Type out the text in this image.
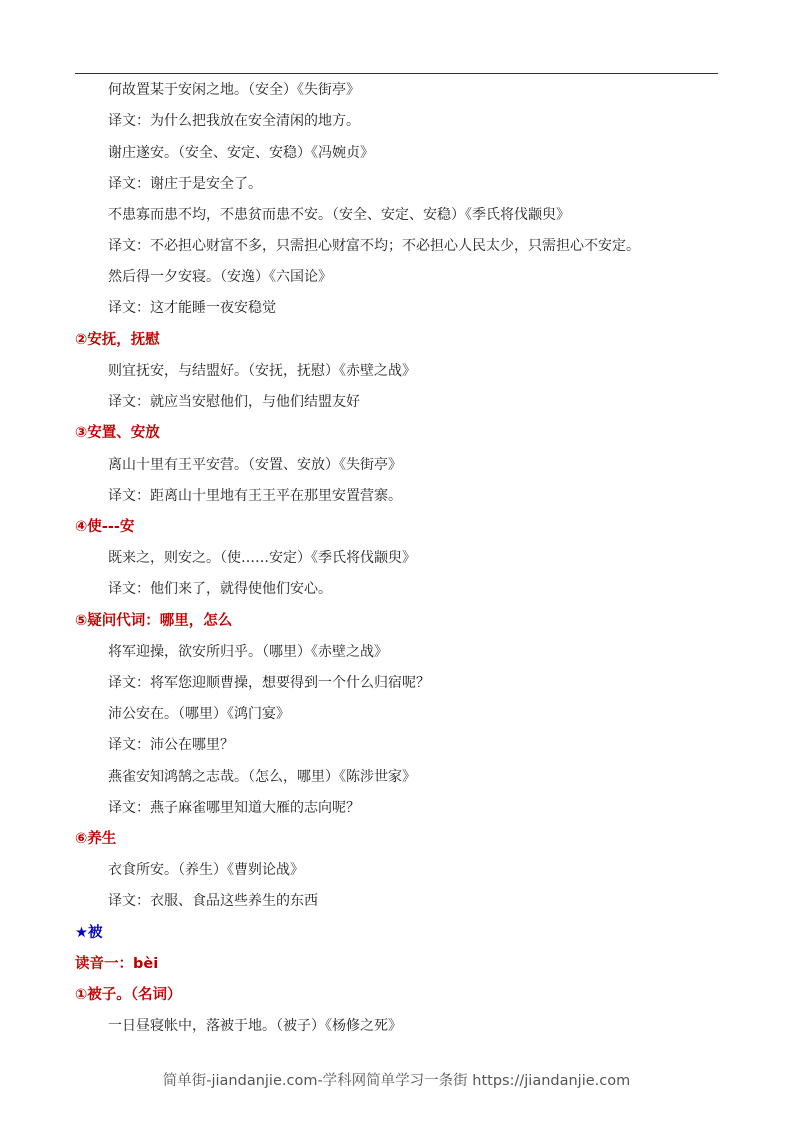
何故置某于安闲之地。（安全）《失街亭》
译文：为什么把我放在安全清闲的地方。
谢庄遂安。（安全、安定、安稳）《冯婉贞》
译文：谢庄于是安全了。
不患寡而患不均，不患贫而患不安。（安全、安定、安稳）《季氏将伐颛臾》
译文：不必担心财富不多，只需担心财富不均；不必担心人民太少，只需担心不安定。
然后得一夕安寝。（安逸）《六国论》
译文：这才能睡一夜安稳觉
②安抚，抚慰
则宜抚安，与结盟好。（安抚，抚慰）《赤壁之战》
译文：就应当安慰他们，与他们结盟友好
③安置、安放
离山十里有王平安营。（安置、安放）《失街亭》
译文：距离山十里地有王王平在那里安置营寨。
④使---安
既来之，则安之。（使……安定）《季氏将伐颛臾》
译文：他们来了，就得使他们安心。
⑤疑问代词：哪里，怎么
将军迎操，欲安所归乎。（哪里）《赤壁之战》
译文：将军您迎顺曹操，想要得到一个什么归宿呢？
沛公安在。（哪里）《鸿门宴》
译文：沛公在哪里？
燕雀安知鸿鹄之志哉。（怎么，哪里）《陈涉世家》
译文：燕子麻雀哪里知道大雁的志向呢？
⑥养生
衣食所安。（养生）《曹刿论战》
译文：衣服、食品这些养生的东西
★被
读音一：bèi
①被子。（名词）
一日昼寝帐中，落被于地。（被子）《杨修之死》
简单街-jiandanjie.com-学科网简单学习一条街 https://jiandanjie.com
